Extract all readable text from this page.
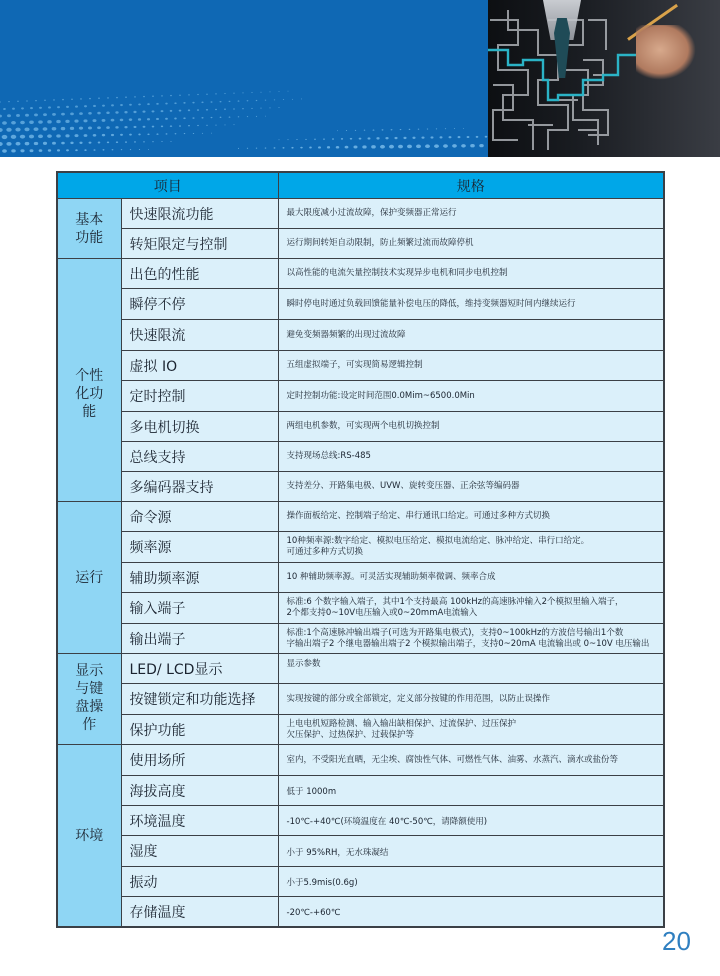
项目		规格

基本
功能	快速限流功能	最大限度减小过流故障，保护变频器正常运行

	转矩限定与控制	运行期间转矩自动限制，防止频繁过流而故障停机

个性
化功
能	出色的性能	以高性能的电流矢量控制技术实现异步电机和同步电机控制

	瞬停不停	瞬时停电时通过负载回馈能量补偿电压的降低，维持变频器短时间内继续运行

	快速限流	避免变频器频繁的出现过流故障

	虚拟 IO	五组虚拟端子，可实现简易逻辑控制

	定时控制	定时控制功能:设定时间范围0.0Mim~6500.0Min

	多电机切换	两组电机参数，可实现两个电机切换控制

	总线支持	支持现场总线:RS-485

	多编码器支持	支持差分、开路集电极、UVW、旋转变压器、正余弦等编码器

运行	命令源	操作面板给定、控制端子给定、串行通讯口给定。可通过多种方式切换

	频率源	10种频率源:数字给定、模拟电压给定、模拟电流给定、脉冲给定、串行口给定。
可通过多种方式切换

	辅助频率源	10 种辅助频率源。可灵活实现辅助频率微调、频率合成

	输入端子	标准:6 个数字输入端子，其中1个支持最高 100kHz的高速脉冲输入2个模拟里输入端子，
2个都支持0~10V电压输入或0~20mmA电流输入

	输出端子	标准:1个高速脉冲输出端子(可选为开路集电极式)，支持0~100kHz的方波信号输出1个数
字输出端子2 个继电器输出端子2 个模拟输出端子，支持0~20mA 电流输出或 0~10V 电压输出

显示
与键
盘操
作	LED/ LCD显示	显示参数

	按键锁定和功能选择	实现按键的部分或全部锁定，定义部分按键的作用范围，以防止误操作

	保护功能	上电电机短路检测、输入输出缺相保护、过流保护、过压保护
欠压保护、过热保护、过载保护等

环境	使用场所	室内，不受阳光直晒，无尘埃、腐蚀性气体、可燃性气体、油雾、水蒸汽、滴水或盐份等

	海拔高度	低于 1000m

	环境温度	-10℃-+40℃(环境温度在 40℃-50℃，请降额使用)

	湿度	小于 95%RH，无水珠凝结

	振动	小于5.9mis(0.6g)

	存储温度	-20℃-+60℃
20
